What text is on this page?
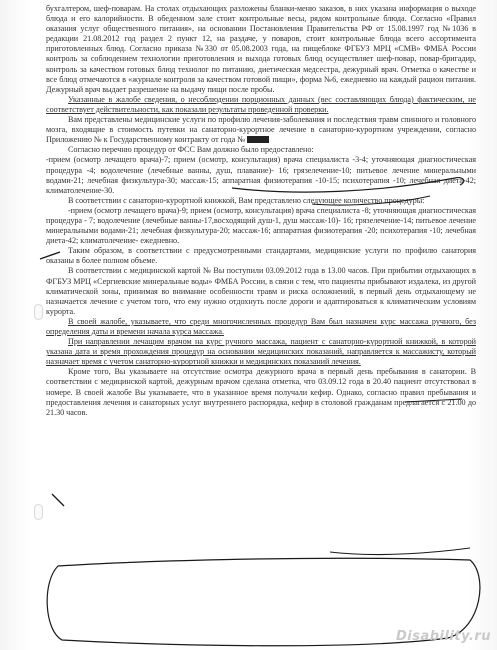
бухгалтером, шеф-поварам. На столах отдыхающих разложены бланки-меню заказов, в них указана информация о выходе блюда и его калорийности. В обеденном зале стоит контрольные весы, рядом контрольные блюда. Согласно «Правил оказания услуг общественного питания», на основании Постановления Правительства РФ от 15.08.1997 год №1036 в редакции 21.08.2012 год раздел 2 пункт 12, на раздаче, у поваров, стоит контрольные блюда всего ассортимента приготовленных блюд. Согласно приказа №330 от 05.08.2003 года, на пищеблоке ФГБУЗ МРЦ «СМВ» ФМБА России контроль за соблюдением технологии приготовления и выхода готовых блюд осуществляет шеф-повар, повар-бригадир, контроль за качеством готовых блюд технолог по питанию, диетическая медсестра, дежурный врач. Отметка о качестве и все блюд отмечаются в «журнале контроля за качеством готовой пищи», форма №6, ежедневно на каждый рацион питания. Дежурный врач выдает разрешение на выдачу пищи после пробы.

Указанные в жалобе сведения, о несоблюдении порционных данных (вес составляющих блюда) фактическим, не соответствует действительности, как показали результаты проведенной проверки.

Вам представлены медицинские услуги по профилю лечения-заболевания и последствия травм спинного и головного мозга, входящие в стоимость путевки на санаторно-курортное лечение в санаторно-курортном учреждении, согласно Приложению № к Государственному контракту от года №

Согласно перечню процедур от ФСС Вам должно было предоставлено:

-прием (осмотр лечащего врача)-7; прием (осмотр, консультация) врача специалиста -3-4; уточняющая диагностическая процедура -4; водолечение (лечебные ванны, душ, плавание)- 16; грязелечение-10; питьевое лечение минеральными водами-21; лечебная физкультура-30; массаж-15; аппаратная физиотерапия -10-15; психотерапия -10; лечебная диета-42; климатолечение-30.

В соответствии с санаторно-курортной книжкой, Вам представлено следующее количество процедуры:

-прием (осмотр лечащего врача)-9; прием (осмотр, консультация) врача специалиста -8; уточняющая диагностическая процедура - 7; водолечение (лечебные ванны-17,восходящий душ-1, душ массаж-10)- 16; грязелечение-14; питьевое лечение минеральными водами-21; лечебная физкультура-20; массаж-16; аппаратная физиотерапия -20; психотерапия -10; лечебная диета-42; климатолечение- ежедневно.

Таким образом, в соответствии с предусмотренными стандартами, медицинские услуги по профилю санатория оказаны в более полном объеме.

В соответствии с медицинской картой № Вы поступили 03.09.2012 года в 13.00 часов. При прибытии отдыхающих в ФГБУЗ МРЦ «Сергиевские минеральные воды» ФМБА России, в связи с тем, что пациенты прибывают издалека, из другой климатической зоны, принимая во внимание особенности травм и риска осложнений, в первый день отдыхающему не назначается лечение с учетом того, что ему нужно отдохнуть после дороги и адаптироваться к климатическим условиям курорта.

В своей жалобе, указываете, что среди многочисленных процедур Вам был назначен курс массажа ручного, без определения даты и времени начала курса массажа.

При направлении лечащим врачом на курс ручного массажа, пациент с санаторно-курортной книжкой, в которой указана дата и время прохождения процедур на основании медицинских показаний, направляется к массажисту, который назначает время с учетом санаторно-курортной книжки и медицинских показаний лечения.

Кроме того, Вы указываете на отсутствие осмотра дежурного врача в первый день пребывания в санатории. В соответствии с медицинской картой, дежурным врачом сделана отметка, что 03.09.12 года в 20.40 пациент отсутствовал в номере. В своей жалобе Вы указываете, что в указанное время получали кефир. Однако, согласно правил пребывания и предоставления лечения и санаторных услуг внутреннего распорядка, кефир в столовой гражданам предлагается с 21.00 до 21.30 часов.

Disability.ru
